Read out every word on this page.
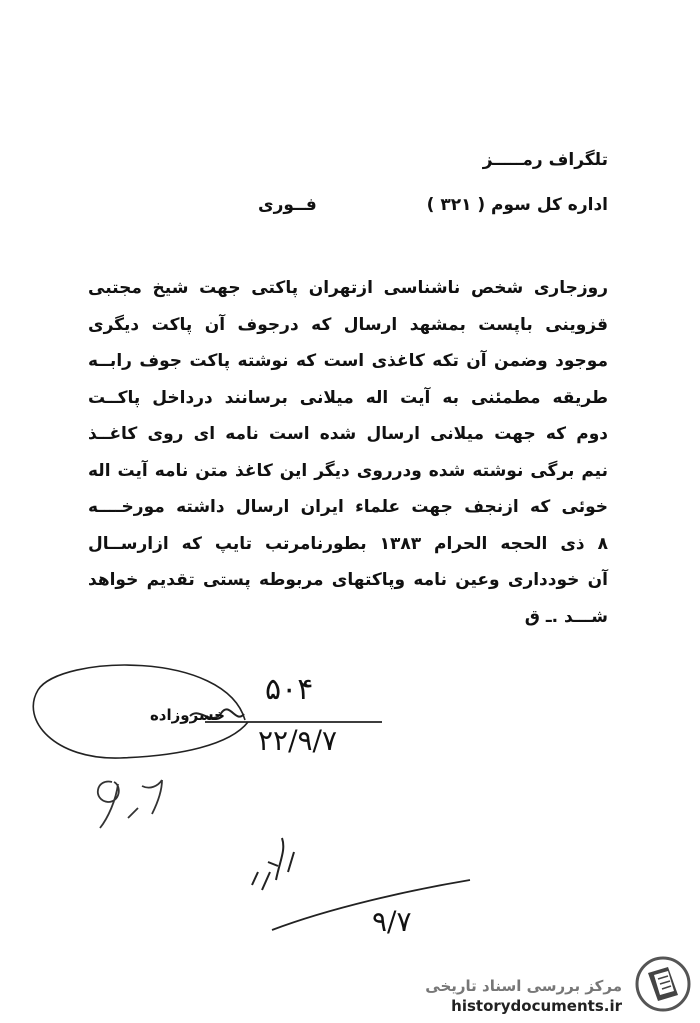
تلگراف رمـــــز
اداره کل سوم ( ۳۲۱ )
فــوری
روزجاری شخص ناشناسی ازتهران پاکتی جهت شیخ مجتبی
قزوینی باپست بمشهد ارسال که درجوف آن پاکت دیگری
موجود وضمن آن تکه کاغذی است که نوشته پاکت جوف رابــه
طریقه مطمئنی به آیت اله میلانی برسانند درداخل پاکــت
دوم که جهت میلانی ارسال شده است نامه ای روی کاغــذ
نیم برگی نوشته شده ودرروی دیگر این کاغذ متن نامه آیت اله
خوئی که ازنجف جهت علماء ایران ارسال داشته مورخــــه
۸ ذی الحجه الحرام ۱۳۸۳ بطورنامرتب تایپ که ازارســال
آن خودداری وعین نامه وپاکتهای مربوطه پستی تقدیم خواهد
شـــد .ـ ق
۵۰۴
۲۲/۹/۷
خسروزاده
۹/۷
مرکز بررسی اسناد تاریخی
historydocuments.ir
